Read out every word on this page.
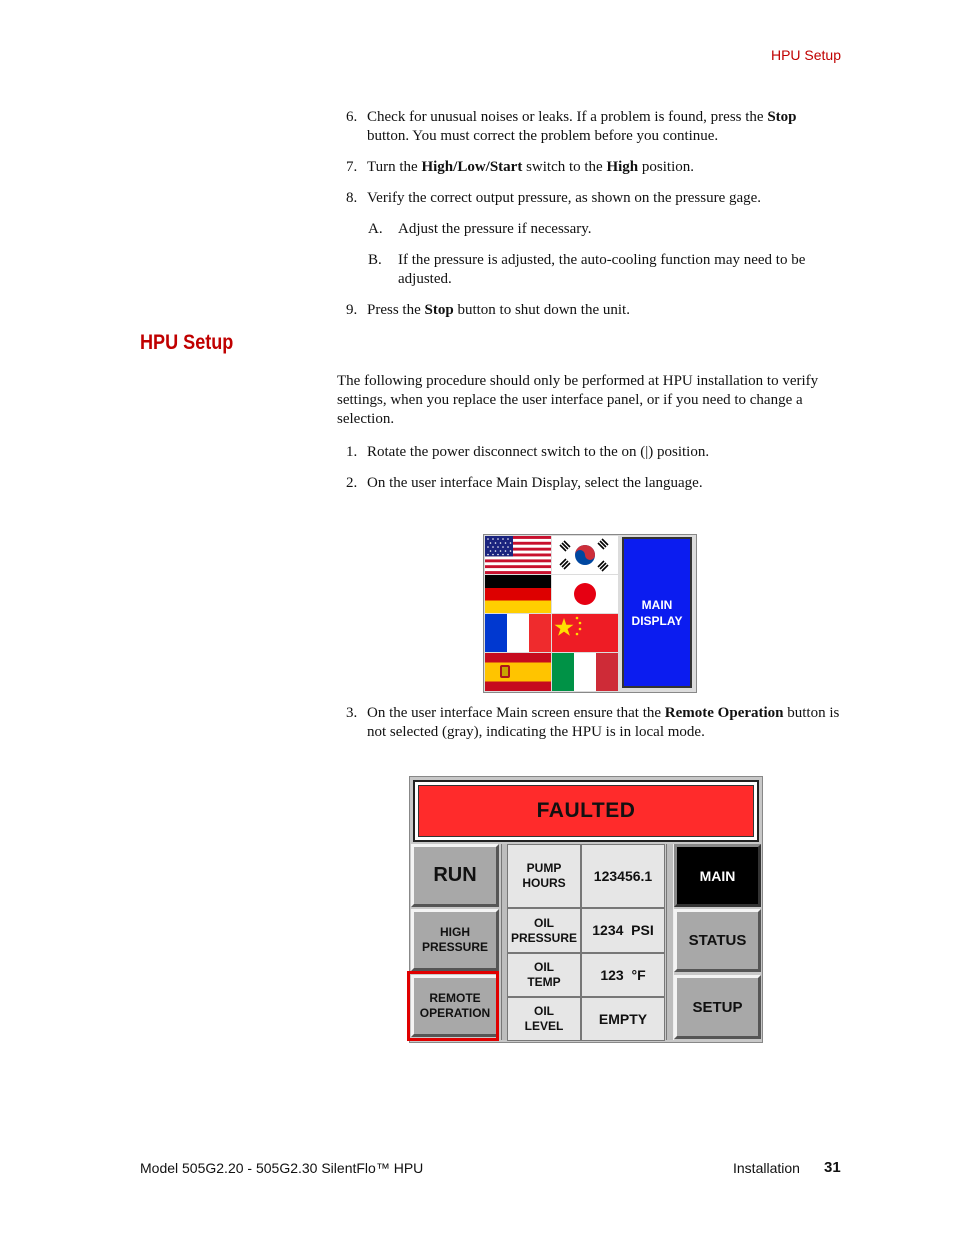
HPU Setup
6. Check for unusual noises or leaks. If a problem is found, press the Stop button. You must correct the problem before you continue.
7. Turn the High/Low/Start switch to the High position.
8. Verify the correct output pressure, as shown on the pressure gage.
A. Adjust the pressure if necessary.
B. If the pressure is adjusted, the auto-cooling function may need to be adjusted.
9. Press the Stop button to shut down the unit.
HPU Setup
The following procedure should only be performed at HPU installation to verify settings, when you replace the user interface panel, or if you need to change a selection.
1. Rotate the power disconnect switch to the on (|) position.
2. On the user interface Main Display, select the language.
MAIN
DISPLAY
3. On the user interface Main screen ensure that the Remote Operation button is not selected (gray), indicating the HPU is in local mode.
FAULTED
RUN
HIGH
PRESSURE
REMOTE
OPERATION
PUMP
HOURS	123456.1
OIL
PRESSURE	1234  PSI
OIL
TEMP	123  °F
OIL
LEVEL	EMPTY
MAIN
STATUS
SETUP
Model 505G2.20 - 505G2.30 SilentFlo™ HPU	Installation 31
